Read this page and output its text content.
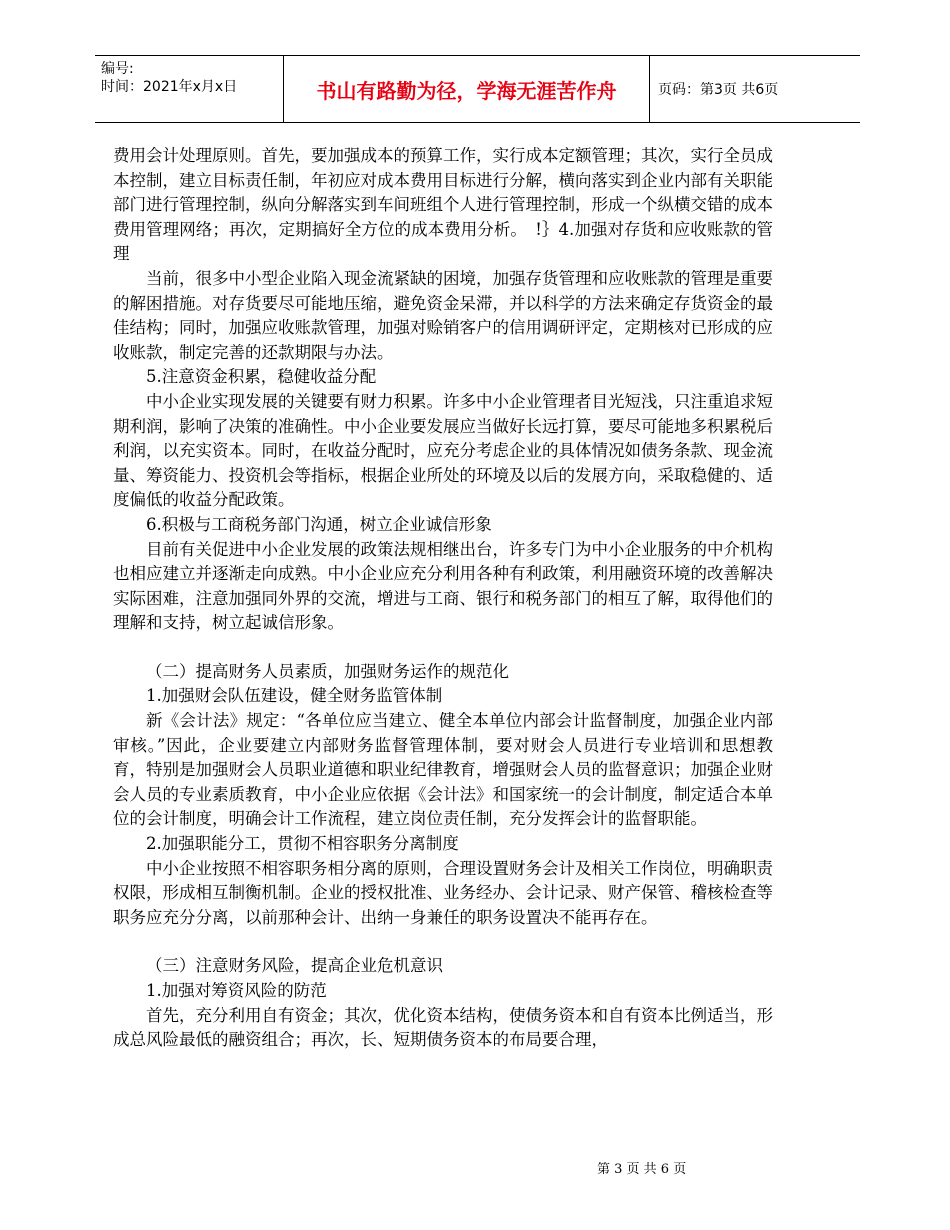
编号:
时间：2021年x月x日	书山有路勤为径，学海无涯苦作舟	页码：第3页 共6页

费用会计处理原则。首先，要加强成本的预算工作，实行成本定额管理；其次，实行全员成本控制，建立目标责任制，年初应对成本费用目标进行分解，横向落实到企业内部有关职能部门进行管理控制，纵向分解落实到车间班组个人进行管理控制，形成一个纵横交错的成本费用管理网络；再次，定期搞好全方位的成本费用分析。　!｝4.加强对存货和应收账款的管理

当前，很多中小型企业陷入现金流紧缺的困境，加强存货管理和应收账款的管理是重要的解困措施。对存货要尽可能地压缩，避免资金呆滞，并以科学的方法来确定存货资金的最佳结构；同时，加强应收账款管理，加强对赊销客户的信用调研评定，定期核对已形成的应收账款，制定完善的还款期限与办法。

5.注意资金积累，稳健收益分配

中小企业实现发展的关键要有财力积累。许多中小企业管理者目光短浅，只注重追求短期利润，影响了决策的准确性。中小企业要发展应当做好长远打算，要尽可能地多积累税后利润，以充实资本。同时，在收益分配时，应充分考虑企业的具体情况如债务条款、现金流量、筹资能力、投资机会等指标，根据企业所处的环境及以后的发展方向，采取稳健的、适度偏低的收益分配政策。

6.积极与工商税务部门沟通，树立企业诚信形象

目前有关促进中小企业发展的政策法规相继出台，许多专门为中小企业服务的中介机构也相应建立并逐渐走向成熟。中小企业应充分利用各种有利政策，利用融资环境的改善解决实际困难，注意加强同外界的交流，增进与工商、银行和税务部门的相互了解，取得他们的理解和支持，树立起诚信形象。

（二）提高财务人员素质，加强财务运作的规范化

1.加强财会队伍建设，健全财务监管体制

新《会计法》规定：“各单位应当建立、健全本单位内部会计监督制度，加强企业内部审核。”因此，企业要建立内部财务监督管理体制，要对财会人员进行专业培训和思想教育，特别是加强财会人员职业道德和职业纪律教育，增强财会人员的监督意识；加强企业财会人员的专业素质教育，中小企业应依据《会计法》和国家统一的会计制度，制定适合本单位的会计制度，明确会计工作流程，建立岗位责任制，充分发挥会计的监督职能。

2.加强职能分工，贯彻不相容职务分离制度

中小企业按照不相容职务相分离的原则，合理设置财务会计及相关工作岗位，明确职责权限，形成相互制衡机制。企业的授权批准、业务经办、会计记录、财产保管、稽核检查等职务应充分分离，以前那种会计、出纳一身兼任的职务设置决不能再存在。

（三）注意财务风险，提高企业危机意识

1.加强对筹资风险的防范

首先，充分利用自有资金；其次，优化资本结构，使债务资本和自有资本比例适当，形成总风险最低的融资组合；再次，长、短期债务资本的布局要合理，

第 3 页 共 6 页
